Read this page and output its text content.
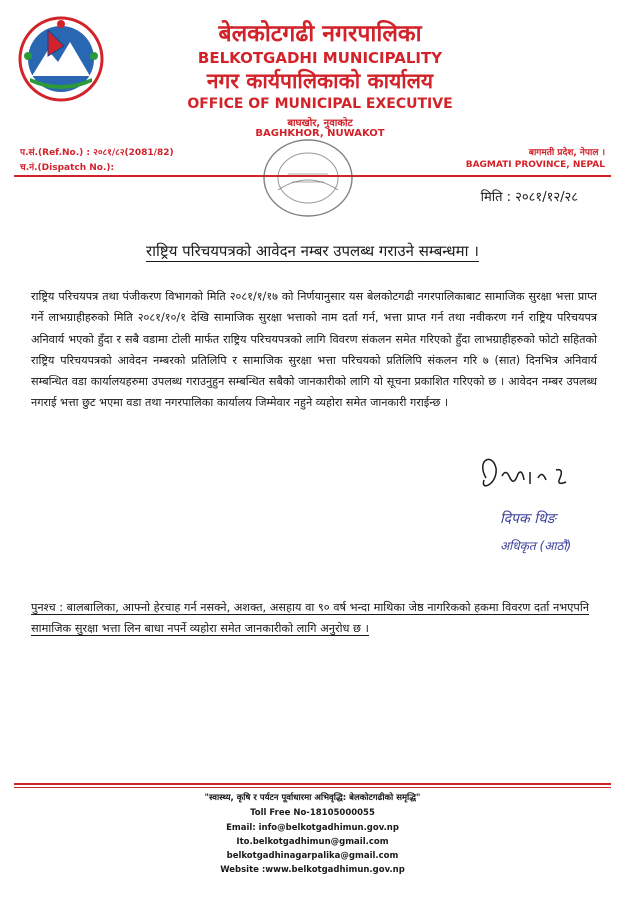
बेलकोटगढी नगरपालिका
BELKOTGADHI MUNICIPALITY
नगर कार्यपालिकाको कार्यालय
OFFICE OF MUNICIPAL EXECUTIVE
बाघखोर, नुवाकोट
BAGHKHOR, NUWAKOT
प.सं.(Ref.No.) : २०८१/८२(2081/82)
च.नं.(Dispatch No.):
बागमती प्रदेश, नेपाल ।
BAGMATI PROVINCE, NEPAL
मिति : २०८१/१२/२८
राष्ट्रिय परिचयपत्रको आवेदन नम्बर उपलब्ध गराउने सम्बन्धमा ।
राष्ट्रिय परिचयपत्र तथा पंजीकरण विभागको मिति २०८१/१/१७ को निर्णयानुसार यस बेलकोटगढी नगरपालिकाबाट सामाजिक सुरक्षा भत्ता प्राप्त गर्ने लाभग्राहीहरुको मिति २०८१/१०/१ देखि सामाजिक सुरक्षा भत्ताको नाम दर्ता गर्न, भत्ता प्राप्त गर्न तथा नवीकरण गर्न राष्ट्रिय परिचयपत्र अनिवार्य भएको हुँदा र सबै वडामा टोली मार्फत राष्ट्रिय परिचयपत्रको लागि विवरण संकलन समेत गरिएको हुँदा लाभग्राहीहरुको फोटो सहितको राष्ट्रिय परिचयपत्रको आवेदन नम्बरको प्रतिलिपि र सामाजिक सुरक्षा भत्ता परिचयको प्रतिलिपि संकलन गरि ७ (सात) दिनभित्र अनिवार्य सम्बन्धित वडा कार्यालयहरुमा उपलब्ध गराउनुहुन सम्बन्धित सबैको जानकारीको लागि यो सूचना प्रकाशित गरिएको छ । आवेदन नम्बर उपलब्ध नगराई भत्ता छुट भएमा वडा तथा नगरपालिका कार्यालय जिम्मेवार नहुने व्यहोरा समेत जानकारी गराईन्छ ।
दिपक थिङ
अधिकृत (आठौं)
पुनश्च : बालबालिका, आफ्नो हेरचाह गर्न नसक्ने, अशक्त, असहाय वा ९० वर्ष भन्दा माथिका जेष्ठ नागरिकको हकमा विवरण दर्ता नभएपनि सामाजिक सुरक्षा भत्ता लिन बाधा नपर्ने व्यहोरा समेत जानकारीको लागि अनुरोध छ ।
"स्वास्थ्य, कृषि र पर्यटन पूर्वाधारमा अभिवृद्धि: बेलकोटगढीको समृद्धि"
Toll Free No-18105000055
Email: info@belkotgadhimun.gov.np
Ito.belkotgadhimun@gmail.com
belkotgadhinagarpalika@gmail.com
Website :www.belkotgadhimun.gov.np
